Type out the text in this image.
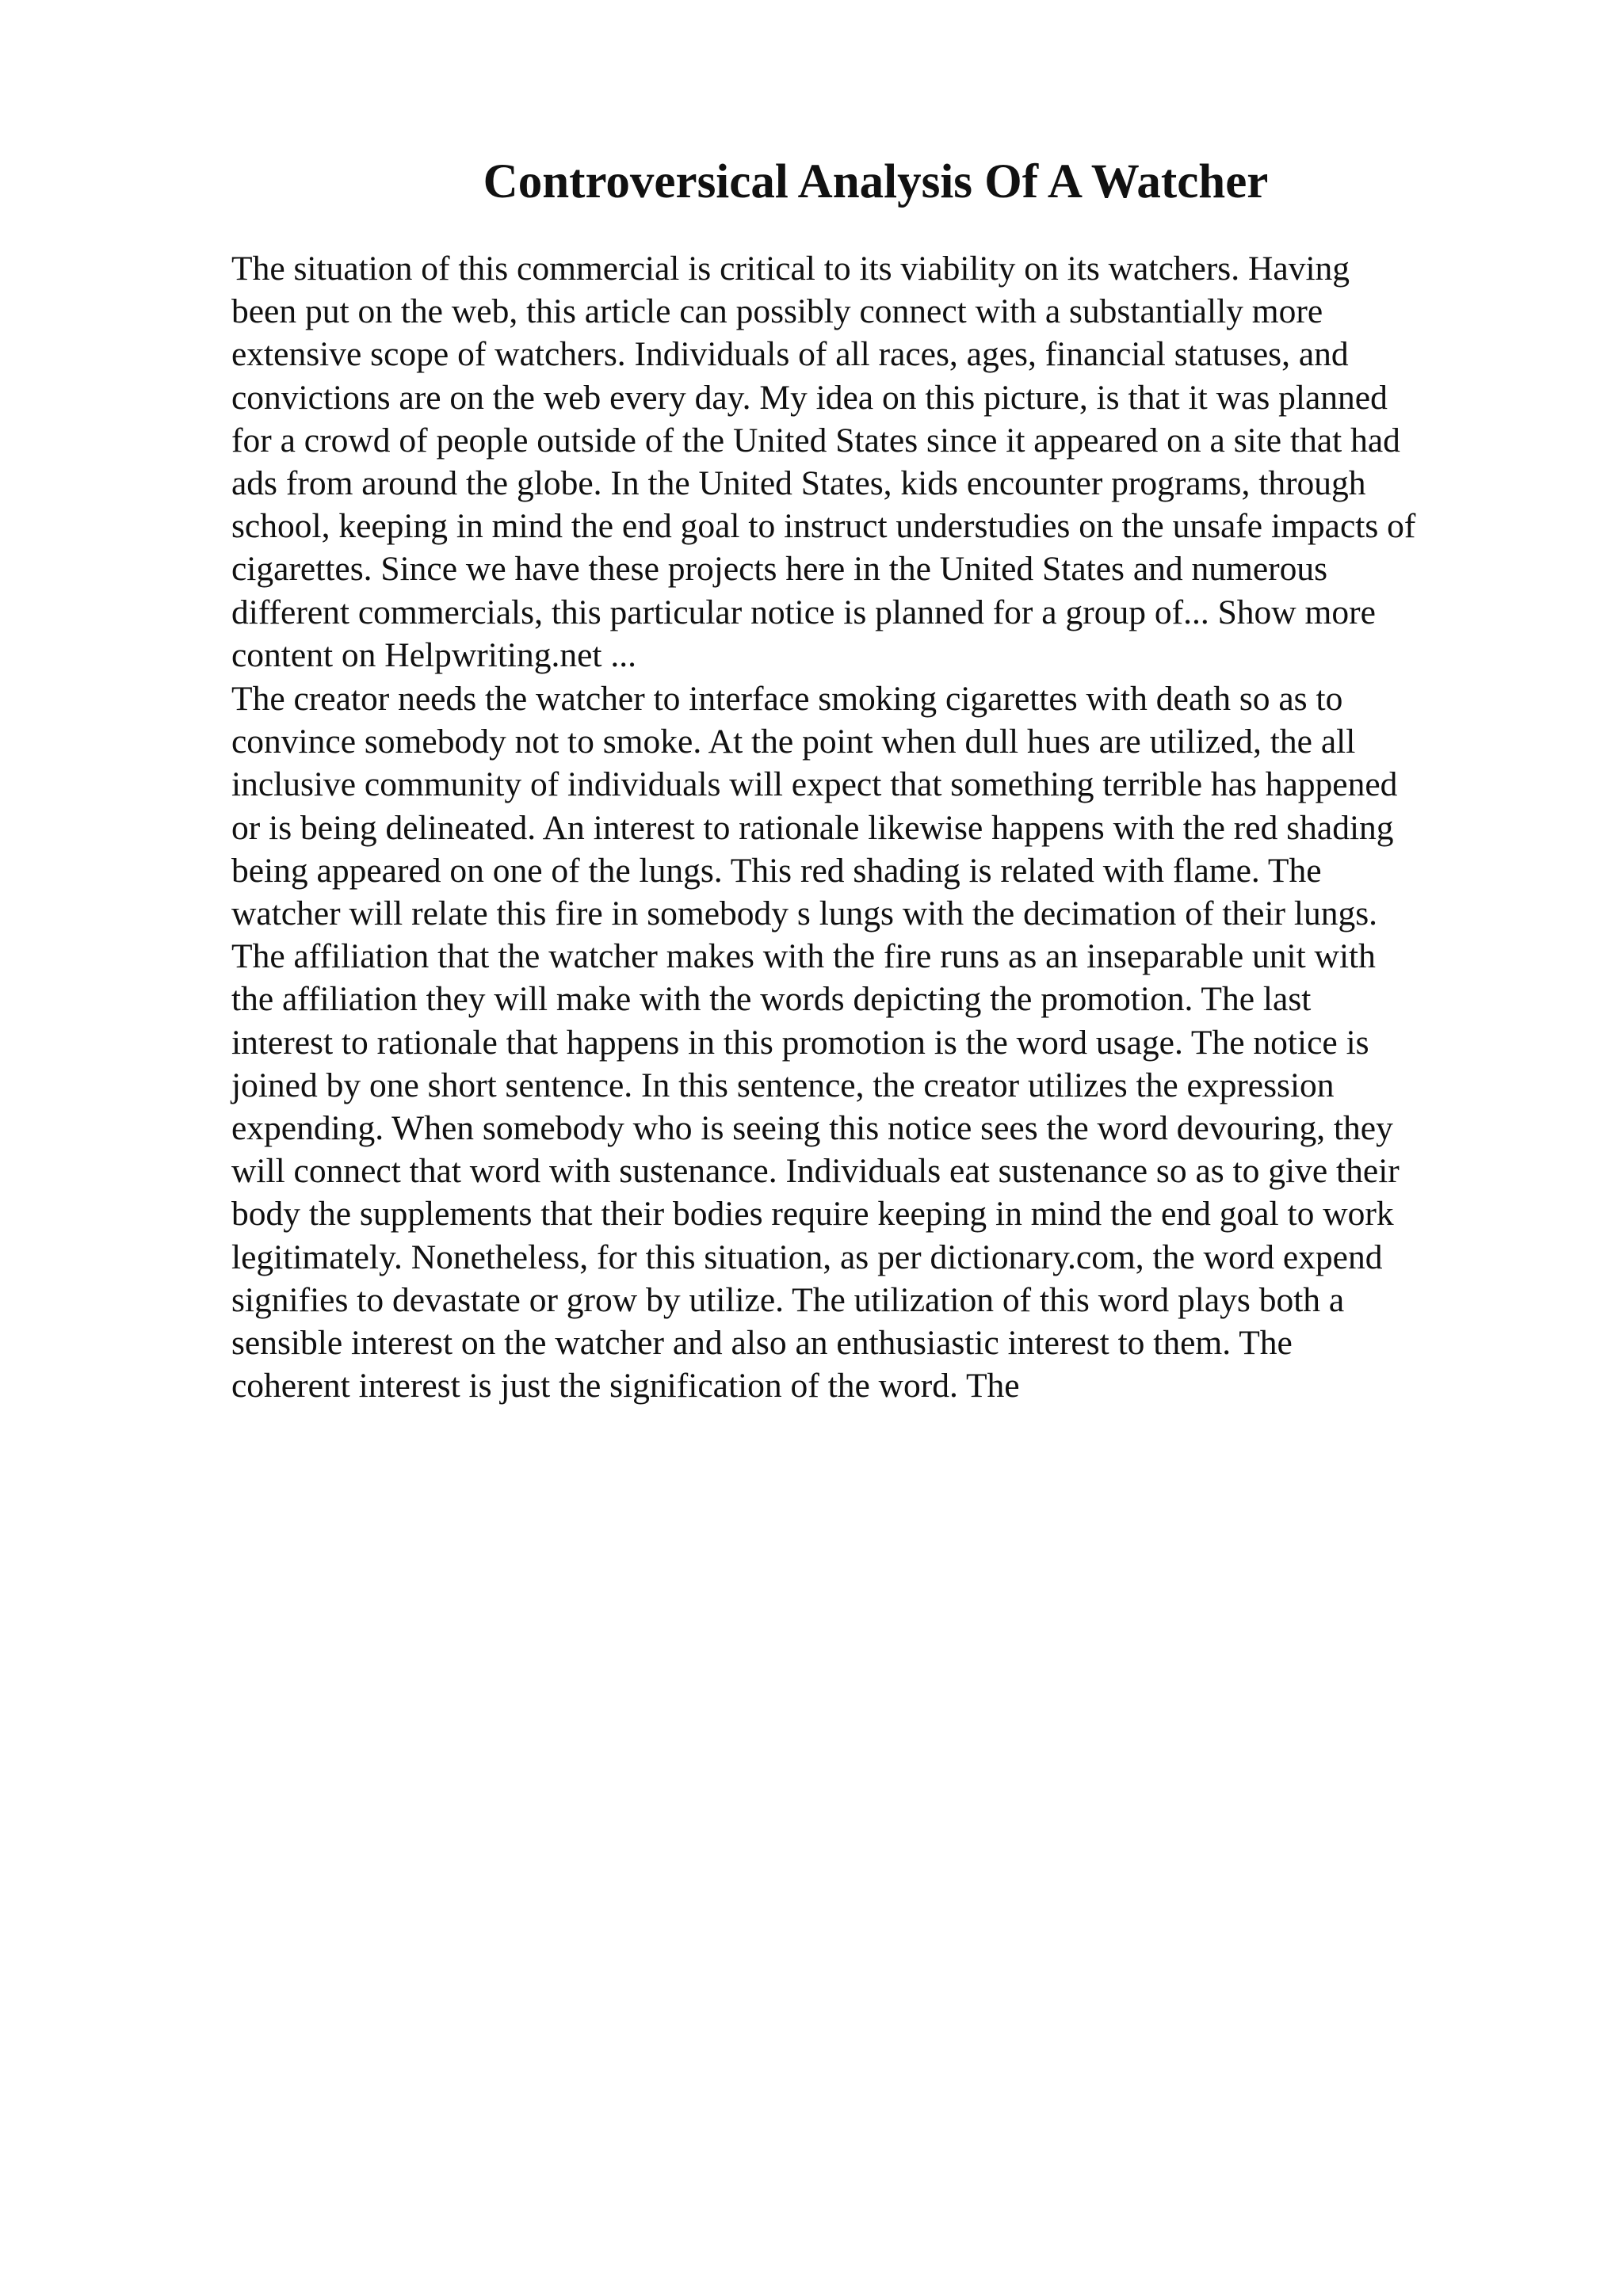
Controversical Analysis Of A Watcher

The situation of this commercial is critical to its viability on its watchers. Having
been put on the web, this article can possibly connect with a substantially more
extensive scope of watchers. Individuals of all races, ages, financial statuses, and
convictions are on the web every day. My idea on this picture, is that it was planned
for a crowd of people outside of the United States since it appeared on a site that had
ads from around the globe. In the United States, kids encounter programs, through
school, keeping in mind the end goal to instruct understudies on the unsafe impacts of
cigarettes. Since we have these projects here in the United States and numerous
different commercials, this particular notice is planned for a group of... Show more
content on Helpwriting.net ...

The creator needs the watcher to interface smoking cigarettes with death so as to
convince somebody not to smoke. At the point when dull hues are utilized, the all
inclusive community of individuals will expect that something terrible has happened
or is being delineated. An interest to rationale likewise happens with the red shading
being appeared on one of the lungs. This red shading is related with flame. The
watcher will relate this fire in somebody s lungs with the decimation of their lungs.
The affiliation that the watcher makes with the fire runs as an inseparable unit with
the affiliation they will make with the words depicting the promotion. The last
interest to rationale that happens in this promotion is the word usage. The notice is
joined by one short sentence. In this sentence, the creator utilizes the expression
expending. When somebody who is seeing this notice sees the word devouring, they
will connect that word with sustenance. Individuals eat sustenance so as to give their
body the supplements that their bodies require keeping in mind the end goal to work
legitimately. Nonetheless, for this situation, as per dictionary.com, the word expend
signifies to devastate or grow by utilize. The utilization of this word plays both a
sensible interest on the watcher and also an enthusiastic interest to them. The
coherent interest is just the signification of the word. The
